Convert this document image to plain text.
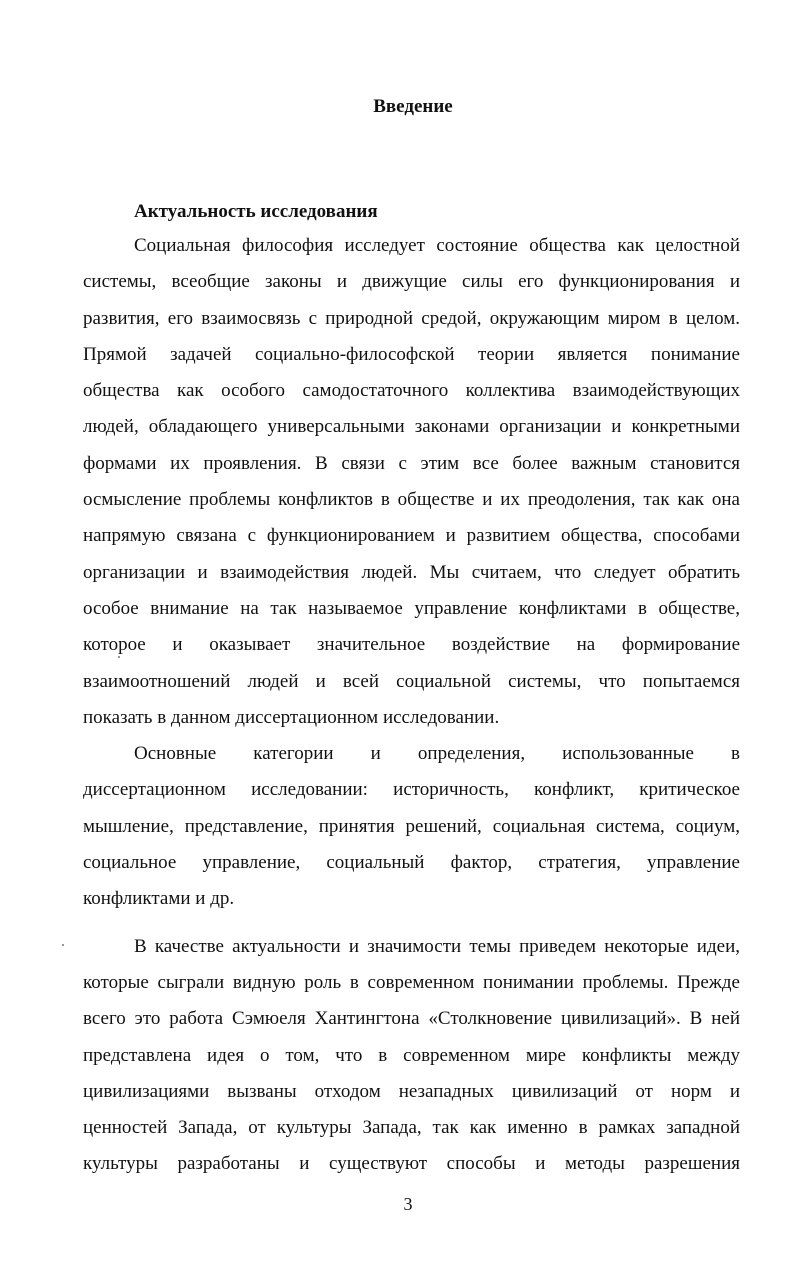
Введение
Актуальность исследования
Социальная философия исследует состояние общества как целостной
системы, всеобщие законы и движущие силы его функционирования и
развития, его взаимосвязь с природной средой, окружающим миром в целом.
Прямой задачей социально-философской теории является понимание
общества как особого самодостаточного коллектива взаимодействующих
людей, обладающего универсальными законами организации и конкретными
формами их проявления. В связи с этим все более важным становится
осмысление проблемы конфликтов в обществе и их преодоления, так как она
напрямую связана с функционированием и развитием общества, способами
организации и взаимодействия людей. Мы считаем, что следует обратить
особое внимание на так называемое управление конфликтами в обществе,
которое и оказывает значительное воздействие на формирование
взаимоотношений людей и всей социальной системы, что попытаемся
показать в данном диссертационном исследовании.
Основные категории и определения, использованные в
диссертационном исследовании: историчность, конфликт, критическое
мышление, представление, принятия решений, социальная система, социум,
социальное управление, социальный фактор, стратегия, управление
конфликтами и др.
В качестве актуальности и значимости темы приведем некоторые идеи,
которые сыграли видную роль в современном понимании проблемы. Прежде
всего это работа Сэмюеля Хантингтона «Столкновение цивилизаций». В ней
представлена идея о том, что в современном мире конфликты между
цивилизациями вызваны отходом незападных цивилизаций от норм и
ценностей Запада, от культуры Запада, так как именно в рамках западной
культуры разработаны и существуют способы и методы разрешения
3
